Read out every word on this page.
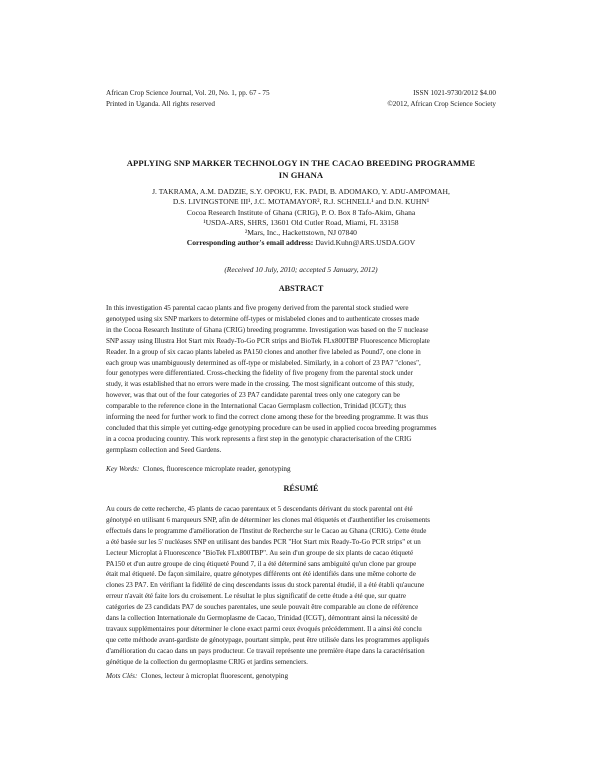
African Crop Science Journal, Vol. 20, No. 1, pp. 67 - 75	ISSN 1021-9730/2012 $4.00
Printed in Uganda. All rights reserved	©2012, African Crop Science Society
APPLYING SNP MARKER TECHNOLOGY IN THE CACAO BREEDING PROGRAMME
IN GHANA
J. TAKRAMA, A.M. DADZIE, S.Y. OPOKU, F.K. PADI, B. ADOMAKO, Y. ADU-AMPOMAH,
D.S. LIVINGSTONE III¹, J.C. MOTAMAYOR², R.J. SCHNELL¹ and D.N. KUHN¹
Cocoa Research Institute of Ghana (CRIG), P. O. Box 8 Tafo-Akim, Ghana
¹USDA-ARS, SHRS, 13601 Old Cutler Road, Miami, FL 33158
²Mars, Inc., Hackettstown, NJ 07840
Corresponding author's email address: David.Kuhn@ARS.USDA.GOV
(Received 10 July, 2010; accepted 5 January, 2012)
ABSTRACT
In this investigation 45 parental cacao plants and five progeny derived from the parental stock studied were
genotyped using six SNP markers to determine off-types or mislabeled clones and to authenticate crosses made
in the Cocoa Research Institute of Ghana (CRIG) breeding programme. Investigation was based on the 5' nuclease
SNP assay using Illustra Hot Start mix Ready-To-Go PCR strips and BioTek FLx800TBP Fluorescence Microplate
Reader. In a group of six cacao plants labeled as PA150 clones and another five labeled as Pound7, one clone in
each group was unambiguously determined as off-type or mislabeled. Similarly, in a cohort of 23 PA7 "clones",
four genotypes were differentiated. Cross-checking the fidelity of five progeny from the parental stock under
study, it was established that no errors were made in the crossing. The most significant outcome of this study,
however, was that out of the four categories of 23 PA7 candidate parental trees only one category can be
comparable to the reference clone in the International Cacao Germplasm collection, Trinidad (ICGT); thus
informing the need for further work to find the correct clone among these for the breeding programme. It was thus
concluded that this simple yet cutting-edge genotyping procedure can be used in applied cocoa breeding programmes
in a cocoa producing country. This work represents a first step in the genotypic characterisation of the CRIG
germplasm collection and Seed Gardens.
Key Words: Clones, fluorescence microplate reader, genotyping
RÉSUMÉ
Au cours de cette recherche, 45 plants de cacao parentaux et 5 descendants dérivant du stock parental ont été
génotypé en utilisant 6 marqueurs SNP, afin de déterminer les clones mal étiquetés et d'authentifier les croisements
effectués dans le programme d'amélioration de l'Institut de Recherche sur le Cacao au Ghana (CRIG). Cette étude
a été basée sur les 5' nucléases SNP en utilisant des bandes PCR "Hot Start mix Ready-To-Go PCR strips" et un
Lecteur Microplat à Fluorescence "BioTek FLx800TBP". Au sein d'un groupe de six plants de cacao étiqueté
PA150 et d'un autre groupe de cinq étiqueté Pound 7, il a été déterminé sans ambiguité qu'un clone par groupe
était mal étiqueté. De façon similaire, quatre génotypes différents ont été identifiés dans une même cohorte de
clones 23 PA7. En vérifiant la fidélité de cinq descendants issus du stock parental étudié, il a été établi qu'aucune
erreur n'avait été faite lors du croisement. Le résultat le plus significatif de cette étude a été que, sur quatre
catégories de 23 candidats PA7 de souches parentales, une seule pouvait être comparable au clone de référence
dans la collection Internationale du Germoplasme de Cacao, Trinidad (ICGT), démontrant ainsi la nécessité de
travaux supplémentaires pour déterminer le clone exact parmi ceux évoqués précédemment. Il a ainsi été conclu
que cette méthode avant-gardiste de génotypage, pourtant simple, peut être utilisée dans les programmes appliqués
d'amélioration du cacao dans un pays producteur. Ce travail représente une première étape dans la caractérisation
génétique de la collection du germoplasme CRIG et jardins semenciers.
Mots Clés: Clones, lecteur à microplat fluorescent, genotyping
